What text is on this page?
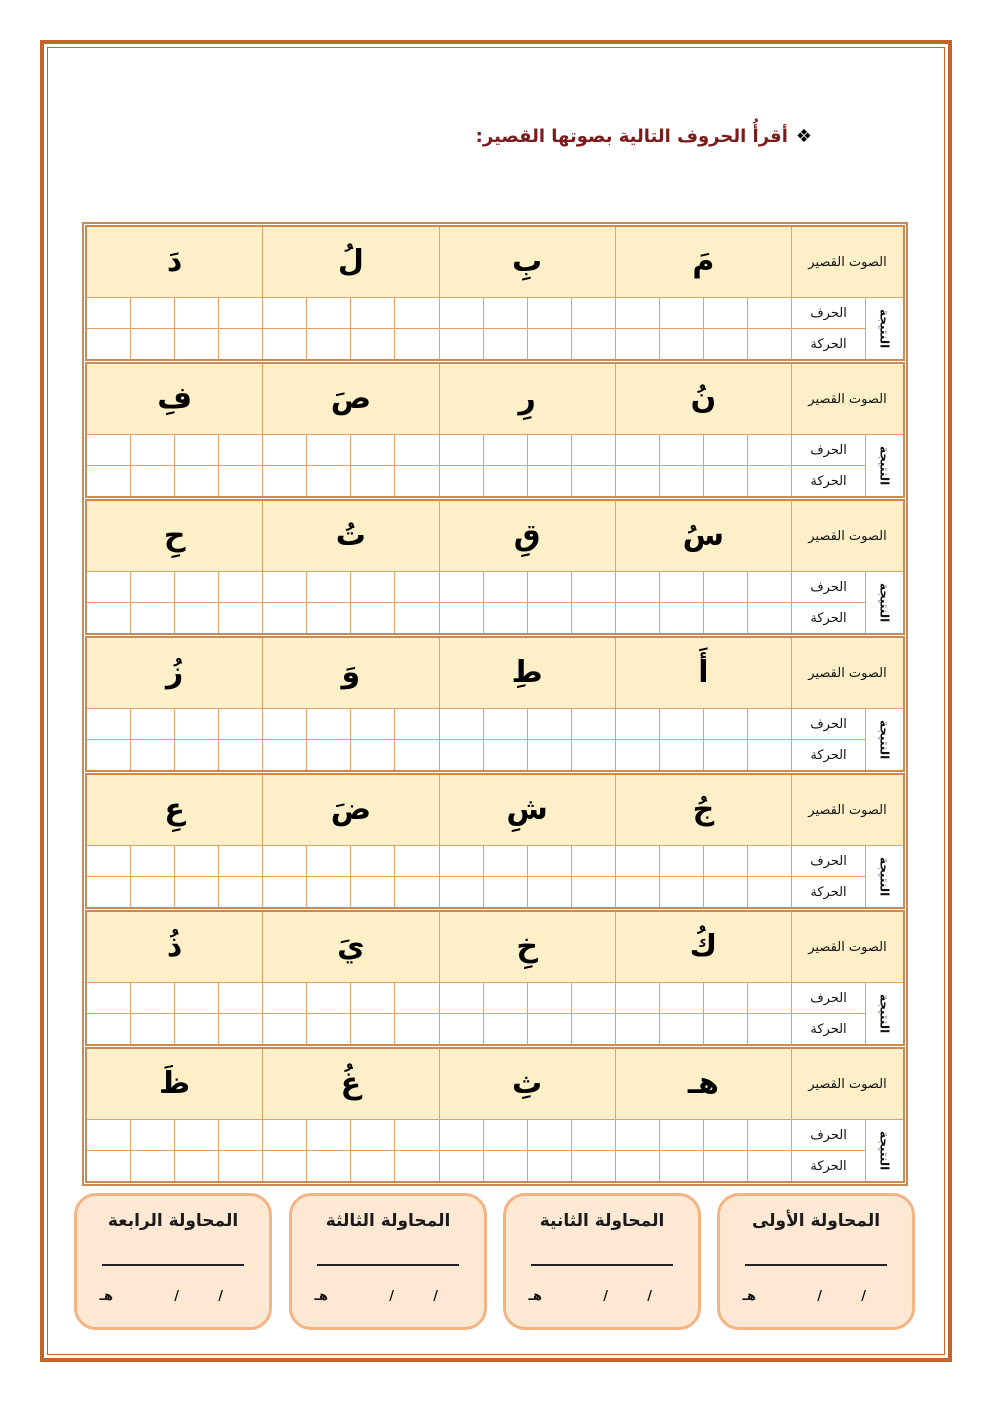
❖
أقرأُ الحروف التالية بصوتها القصير:
الصوت القصير
مَ
بِ
لُ
دَ
النتيجة
الحرف
الحركة
الصوت القصير
نُ
رِ
صَ
فِ
النتيجة
الحرف
الحركة
الصوت القصير
سُ
قِ
تُ
حِ
النتيجة
الحرف
الحركة
الصوت القصير
أَ
طِ
وَ
زُ
النتيجة
الحرف
الحركة
الصوت القصير
جُ
شِ
ضَ
عِ
النتيجة
الحرف
الحركة
الصوت القصير
كُ
خِ
يَ
ذُ
النتيجة
الحرف
الحركة
الصوت القصير
هـ
ثِ
غُ
ظَ
النتيجة
الحرف
الحركة
المحاولة الأولى
/
/
هـ
المحاولة الثانية
/
/
هـ
المحاولة الثالثة
/
/
هـ
المحاولة الرابعة
/
/
هـ
